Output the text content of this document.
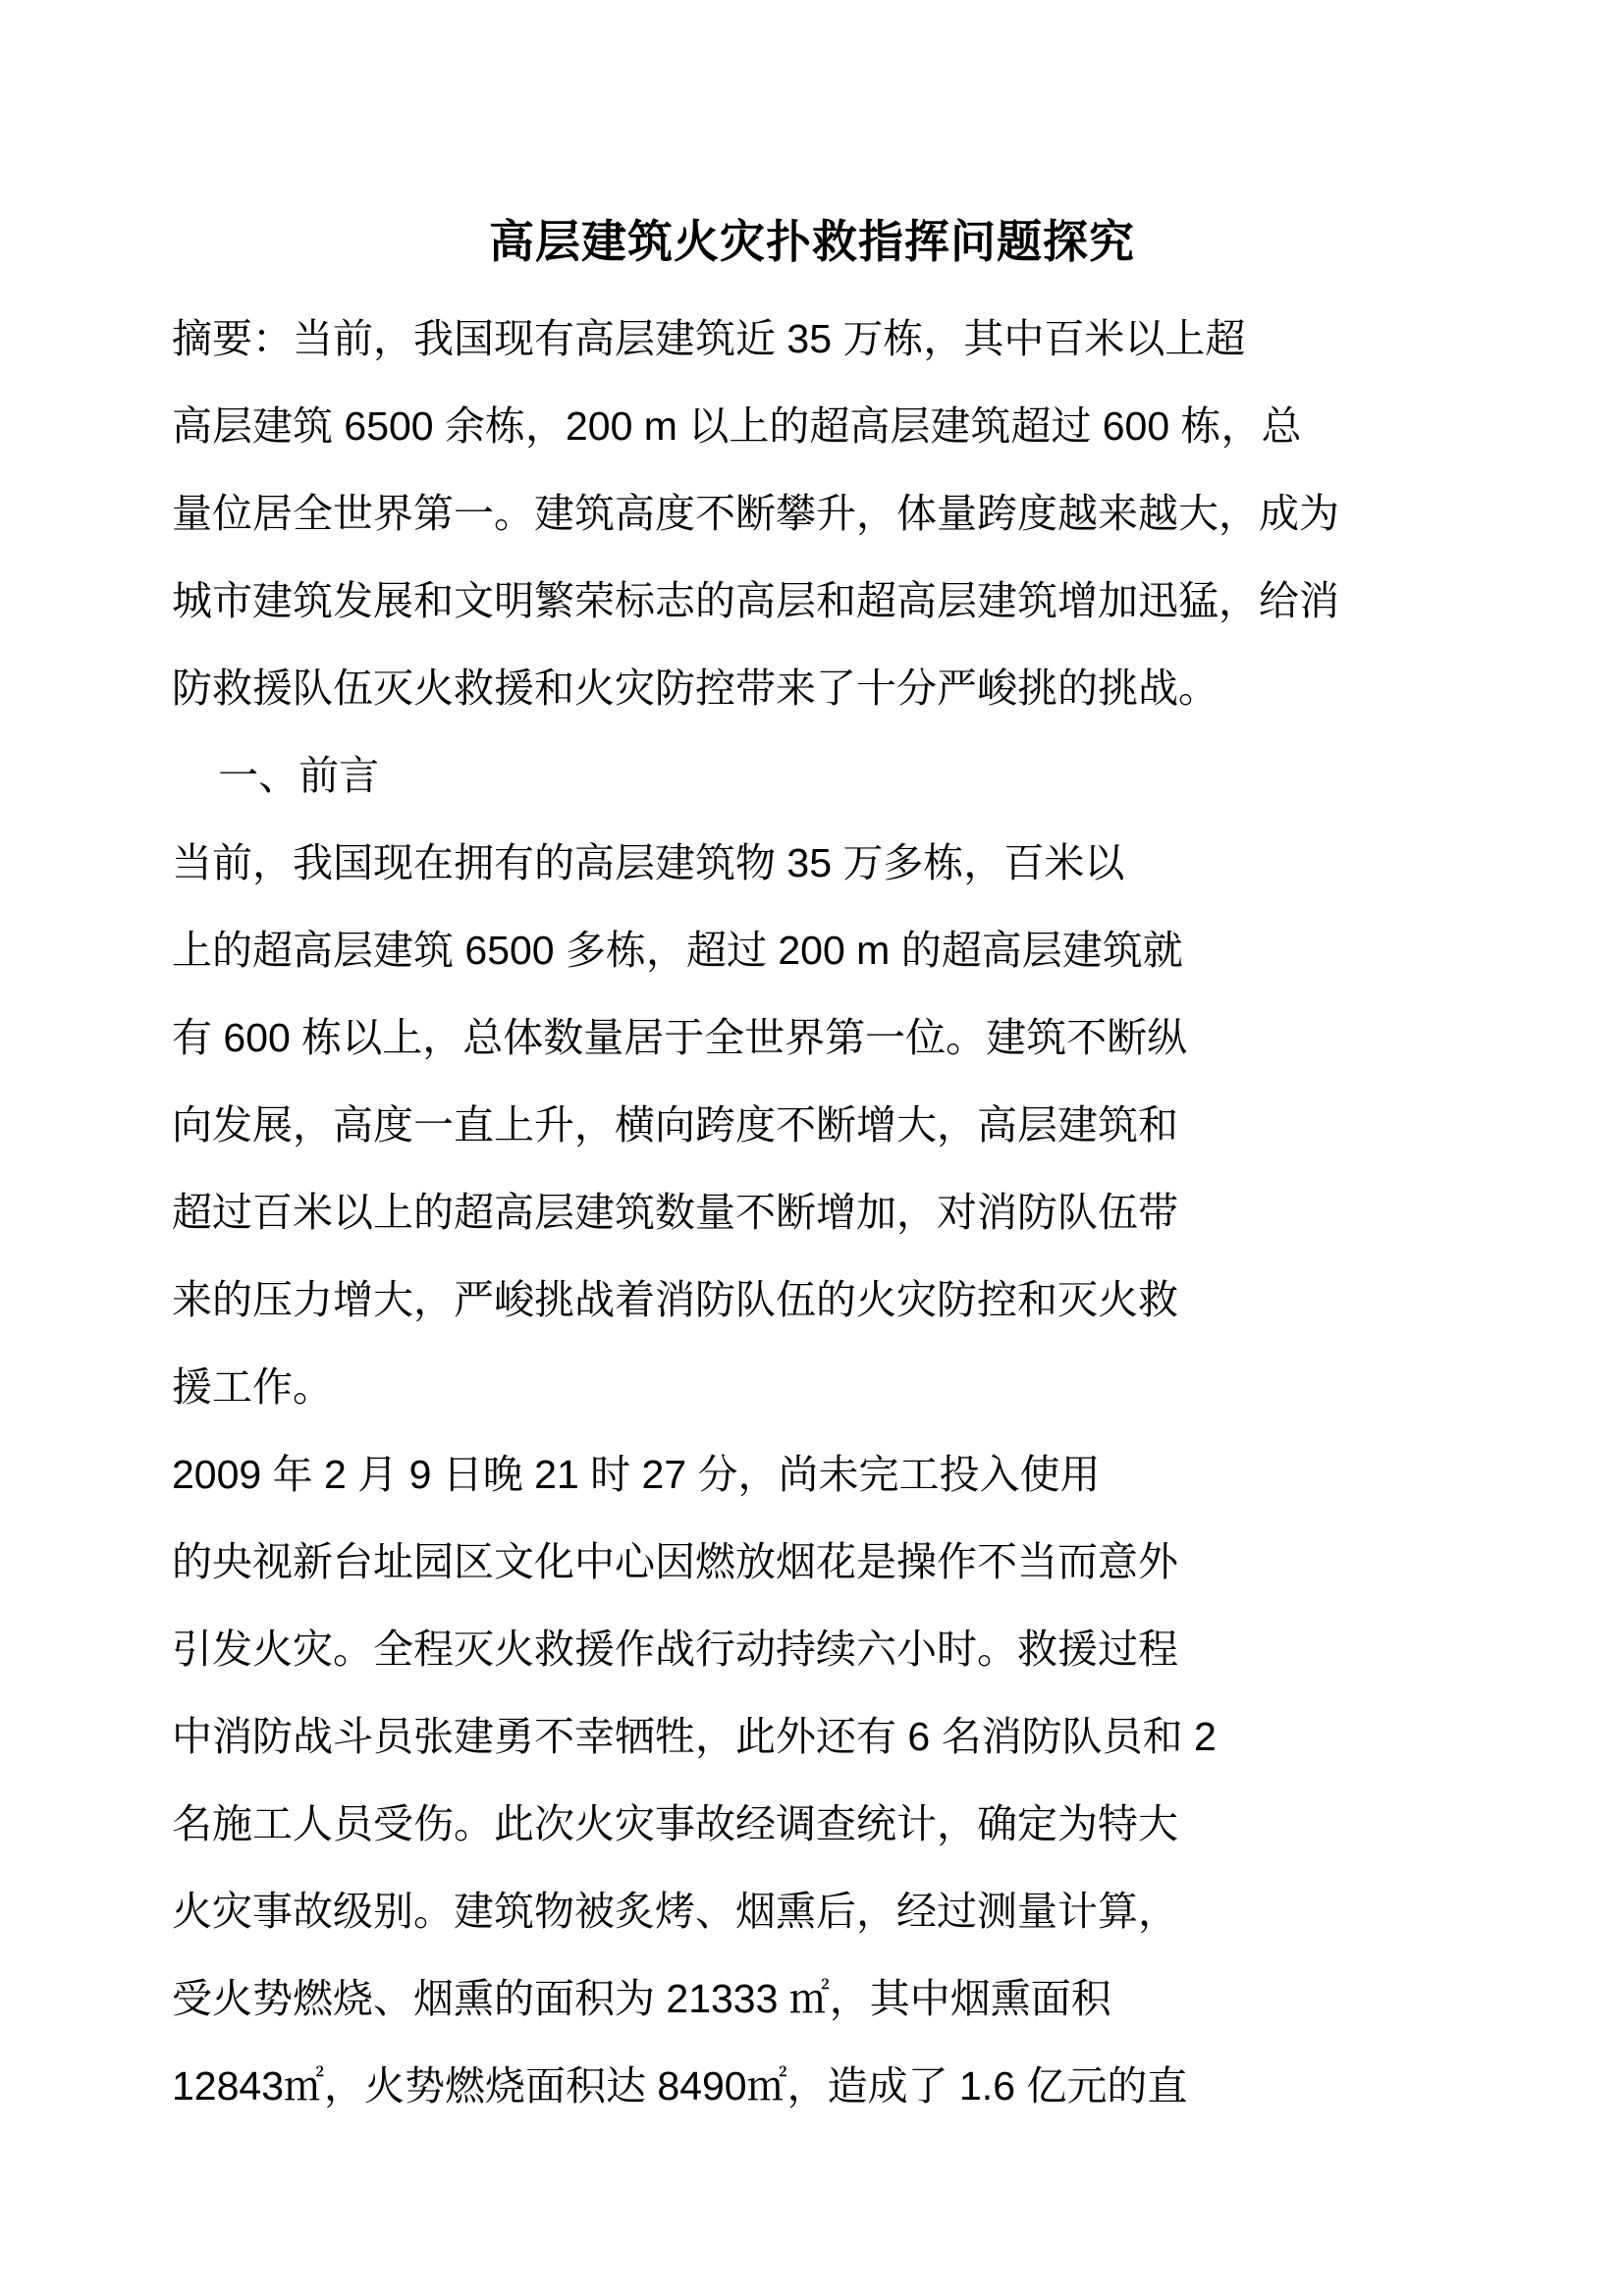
高层建筑火灾扑救指挥问题探究

摘要：当前，我国现有高层建筑近 35 万栋，其中百米以上超

高层建筑 6500 余栋，200 m 以上的超高层建筑超过 600 栋，总

量位居全世界第一。建筑高度不断攀升，体量跨度越来越大，成为

城市建筑发展和文明繁荣标志的高层和超高层建筑增加迅猛，给消

防救援队伍灭火救援和火灾防控带来了十分严峻挑的挑战。

一、前言

当前，我国现在拥有的高层建筑物 35 万多栋，百米以

上的超高层建筑 6500 多栋，超过 200 m 的超高层建筑就

有 600 栋以上，总体数量居于全世界第一位。建筑不断纵

向发展，高度一直上升，横向跨度不断增大，高层建筑和

超过百米以上的超高层建筑数量不断增加，对消防队伍带

来的压力增大，严峻挑战着消防队伍的火灾防控和灭火救

援工作。

2009 年 2 月 9 日晚 21 时 27 分，尚未完工投入使用

的央视新台址园区文化中心因燃放烟花是操作不当而意外

引发火灾。全程灭火救援作战行动持续六小时。救援过程

中消防战斗员张建勇不幸牺牲，此外还有 6 名消防队员和 2

名施工人员受伤。此次火灾事故经调查统计，确定为特大

火灾事故级别。建筑物被炙烤、烟熏后，经过测量计算，

受火势燃烧、烟熏的面积为 21333 ㎡，其中烟熏面积

12843㎡，火势燃烧面积达 8490㎡，造成了 1.6 亿元的直
